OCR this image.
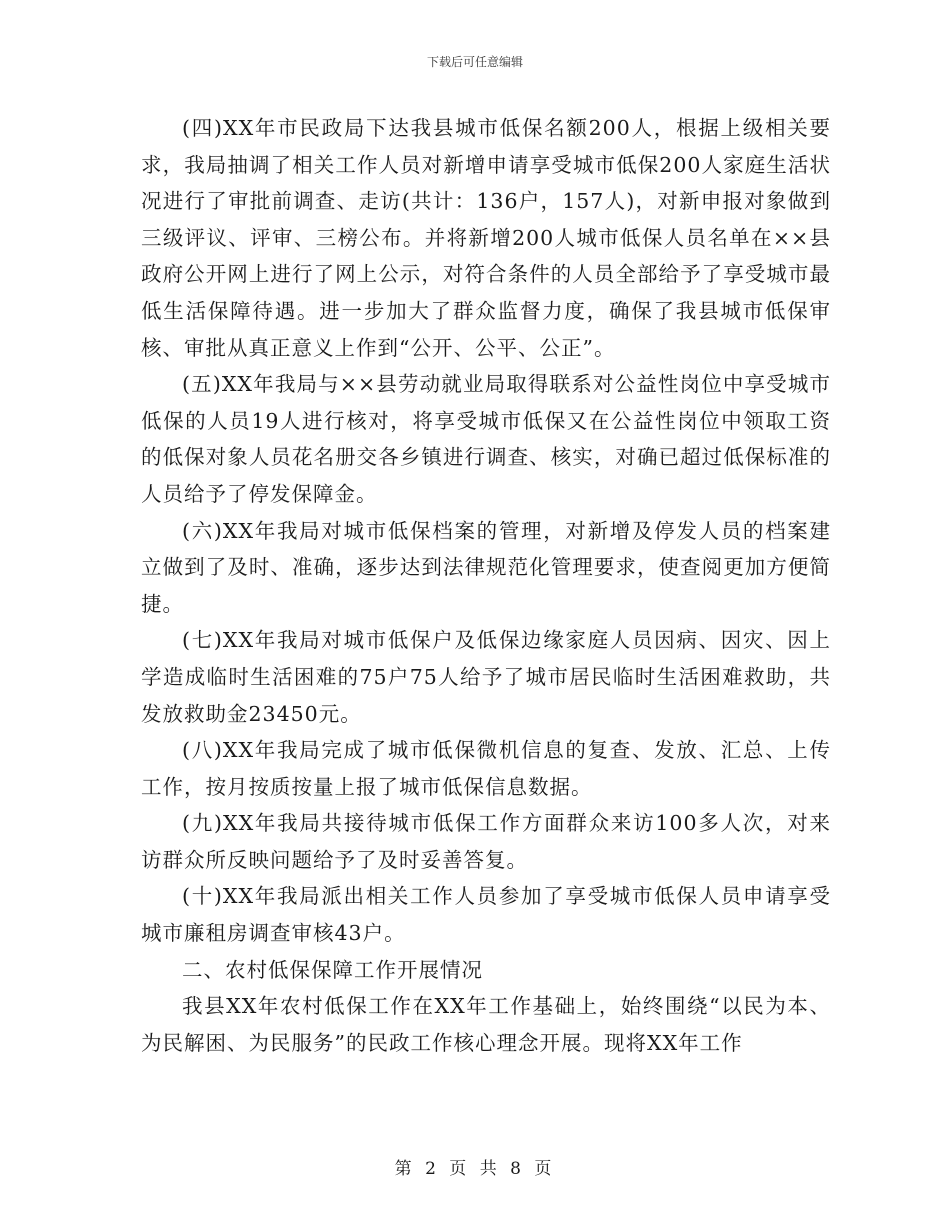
下载后可任意编辑

(四)XX年市民政局下达我县城市低保名额200人，根据上级相关要求，我局抽调了相关工作人员对新增申请享受城市低保200人家庭生活状况进行了审批前调查、走访(共计：136户，157人)，对新申报对象做到三级评议、评审、三榜公布。并将新增200人城市低保人员名单在××县政府公开网上进行了网上公示，对符合条件的人员全部给予了享受城市最低生活保障待遇。进一步加大了群众监督力度，确保了我县城市低保审核、审批从真正意义上作到“公开、公平、公正”。

(五)XX年我局与××县劳动就业局取得联系对公益性岗位中享受城市低保的人员19人进行核对，将享受城市低保又在公益性岗位中领取工资的低保对象人员花名册交各乡镇进行调查、核实，对确已超过低保标准的人员给予了停发保障金。

(六)XX年我局对城市低保档案的管理，对新增及停发人员的档案建立做到了及时、准确，逐步达到法律规范化管理要求，使查阅更加方便简捷。

(七)XX年我局对城市低保户及低保边缘家庭人员因病、因灾、因上学造成临时生活困难的75户75人给予了城市居民临时生活困难救助，共发放救助金23450元。

(八)XX年我局完成了城市低保微机信息的复查、发放、汇总、上传工作，按月按质按量上报了城市低保信息数据。

(九)XX年我局共接待城市低保工作方面群众来访100多人次，对来访群众所反映问题给予了及时妥善答复。

(十)XX年我局派出相关工作人员参加了享受城市低保人员申请享受城市廉租房调查审核43户。

二、农村低保保障工作开展情况

我县XX年农村低保工作在XX年工作基础上，始终围绕“以民为本、为民解困、为民服务”的民政工作核心理念开展。现将XX年工作

第 2 页 共 8 页
